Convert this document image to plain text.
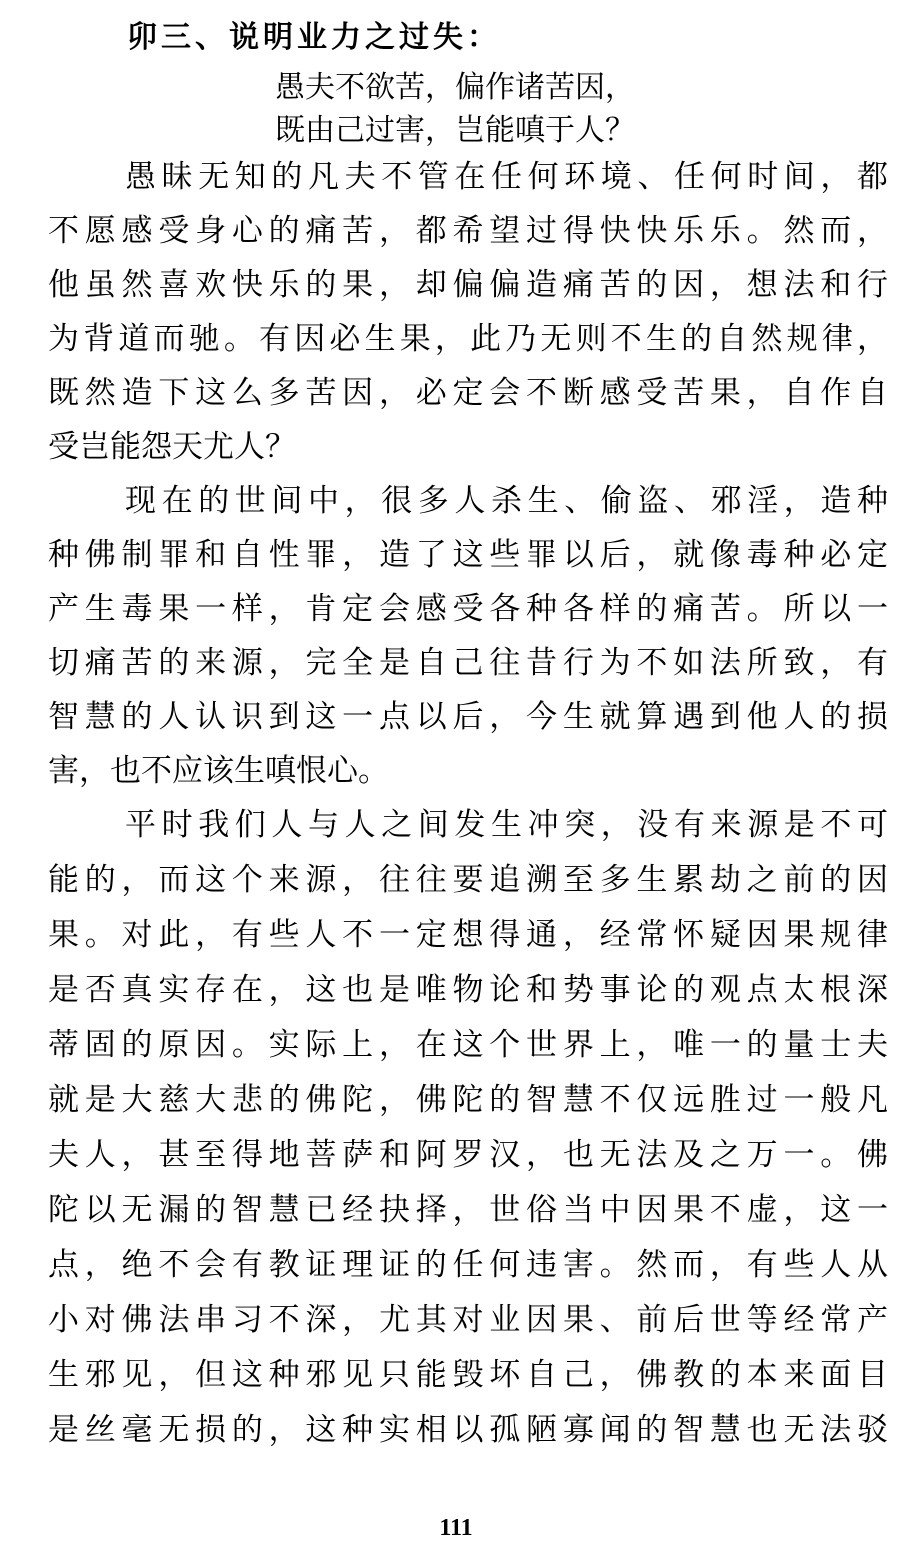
卯三、说明业力之过失：
愚夫不欲苦，偏作诸苦因，
既由己过害，岂能嗔于人？
愚昧无知的凡夫不管在任何环境、任何时间，都
不愿感受身心的痛苦，都希望过得快快乐乐。然而，
他虽然喜欢快乐的果，却偏偏造痛苦的因，想法和行
为背道而驰。有因必生果，此乃无则不生的自然规律，
既然造下这么多苦因，必定会不断感受苦果，自作自
受岂能怨天尤人？
现在的世间中，很多人杀生、偷盗、邪淫，造种
种佛制罪和自性罪，造了这些罪以后，就像毒种必定
产生毒果一样，肯定会感受各种各样的痛苦。所以一
切痛苦的来源，完全是自己往昔行为不如法所致，有
智慧的人认识到这一点以后，今生就算遇到他人的损
害，也不应该生嗔恨心。
平时我们人与人之间发生冲突，没有来源是不可
能的，而这个来源，往往要追溯至多生累劫之前的因
果。对此，有些人不一定想得通，经常怀疑因果规律
是否真实存在，这也是唯物论和势事论的观点太根深
蒂固的原因。实际上，在这个世界上，唯一的量士夫
就是大慈大悲的佛陀，佛陀的智慧不仅远胜过一般凡
夫人，甚至得地菩萨和阿罗汉，也无法及之万一。佛
陀以无漏的智慧已经抉择，世俗当中因果不虚，这一
点，绝不会有教证理证的任何违害。然而，有些人从
小对佛法串习不深，尤其对业因果、前后世等经常产
生邪见，但这种邪见只能毁坏自己，佛教的本来面目
是丝毫无损的，这种实相以孤陋寡闻的智慧也无法驳
111
